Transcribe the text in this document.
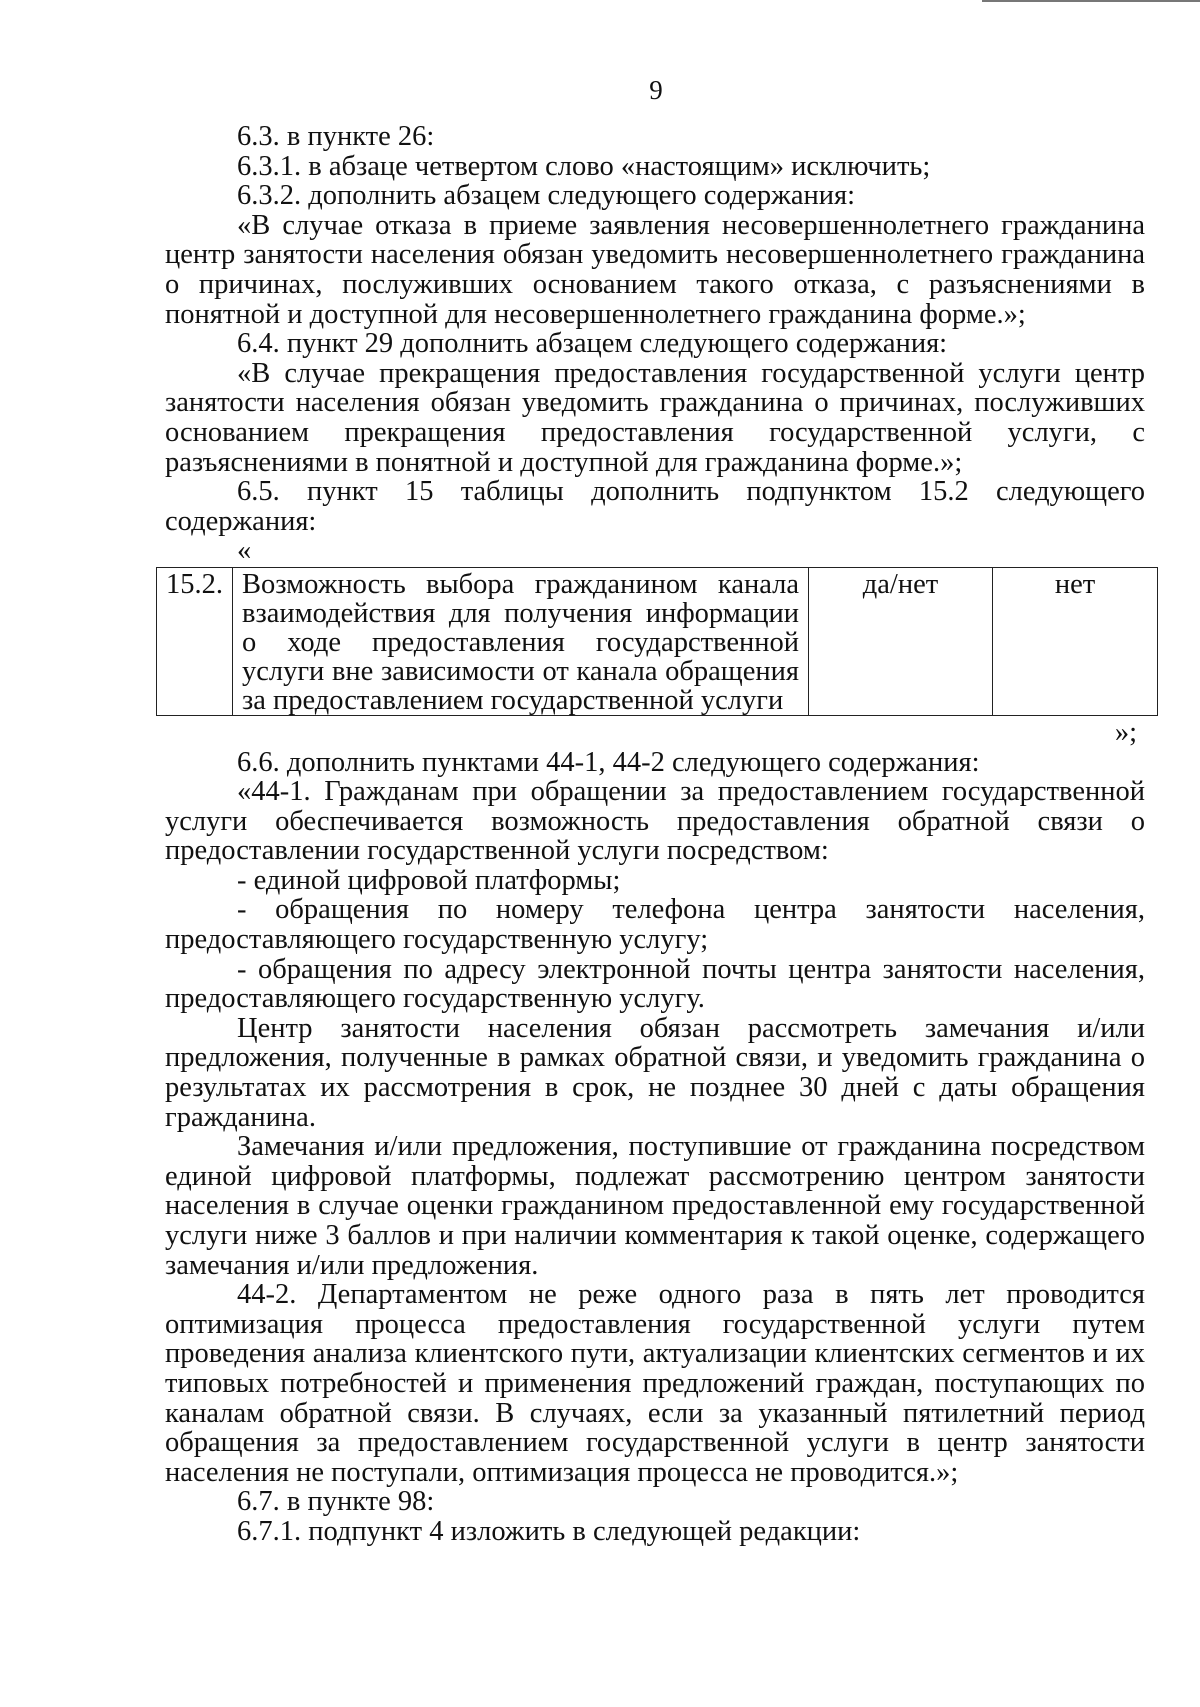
9

6.3. в пункте 26:

6.3.1. в абзаце четвертом слово «настоящим» исключить;

6.3.2. дополнить абзацем следующего содержания:

«В случае отказа в приеме заявления несовершеннолетнего гражданина центр занятости населения обязан уведомить несовершеннолетнего гражданина о причинах, послуживших основанием такого отказа, с разъяснениями в понятной и доступной для несовершеннолетнего гражданина форме.»;

6.4. пункт 29 дополнить абзацем следующего содержания:

«В случае прекращения предоставления государственной услуги центр занятости населения обязан уведомить гражданина о причинах, послуживших основанием прекращения предоставления государственной услуги, с разъяснениями в понятной и доступной для гражданина форме.»;

6.5. пункт 15 таблицы дополнить подпунктом 15.2 следующего содержания:

«

15.2.	Возможность выбора гражданином канала взаимодействия для получения информации о ходе предоставления государственной услуги вне зависимости от канала обращения за предоставлением государственной услуги	да/нет	нет

»;

6.6. дополнить пунктами 44-1, 44-2 следующего содержания:

«44-1. Гражданам при обращении за предоставлением государственной услуги обеспечивается возможность предоставления обратной связи о предоставлении государственной услуги посредством:

- единой цифровой платформы;

- обращения по номеру телефона центра занятости населения, предоставляющего государственную услугу;

- обращения по адресу электронной почты центра занятости населения, предоставляющего государственную услугу.

Центр занятости населения обязан рассмотреть замечания и/или предложения, полученные в рамках обратной связи, и уведомить гражданина о результатах их рассмотрения в срок, не позднее 30 дней с даты обращения гражданина.

Замечания и/или предложения, поступившие от гражданина посредством единой цифровой платформы, подлежат рассмотрению центром занятости населения в случае оценки гражданином предоставленной ему государственной услуги ниже 3 баллов и при наличии комментария к такой оценке, содержащего замечания и/или предложения.

44-2. Департаментом не реже одного раза в пять лет проводится оптимизация процесса предоставления государственной услуги путем проведения анализа клиентского пути, актуализации клиентских сегментов и их типовых потребностей и применения предложений граждан, поступающих по каналам обратной связи. В случаях, если за указанный пятилетний период обращения за предоставлением государственной услуги в центр занятости населения не поступали, оптимизация процесса не проводится.»;

6.7. в пункте 98:

6.7.1. подпункт 4 изложить в следующей редакции:
